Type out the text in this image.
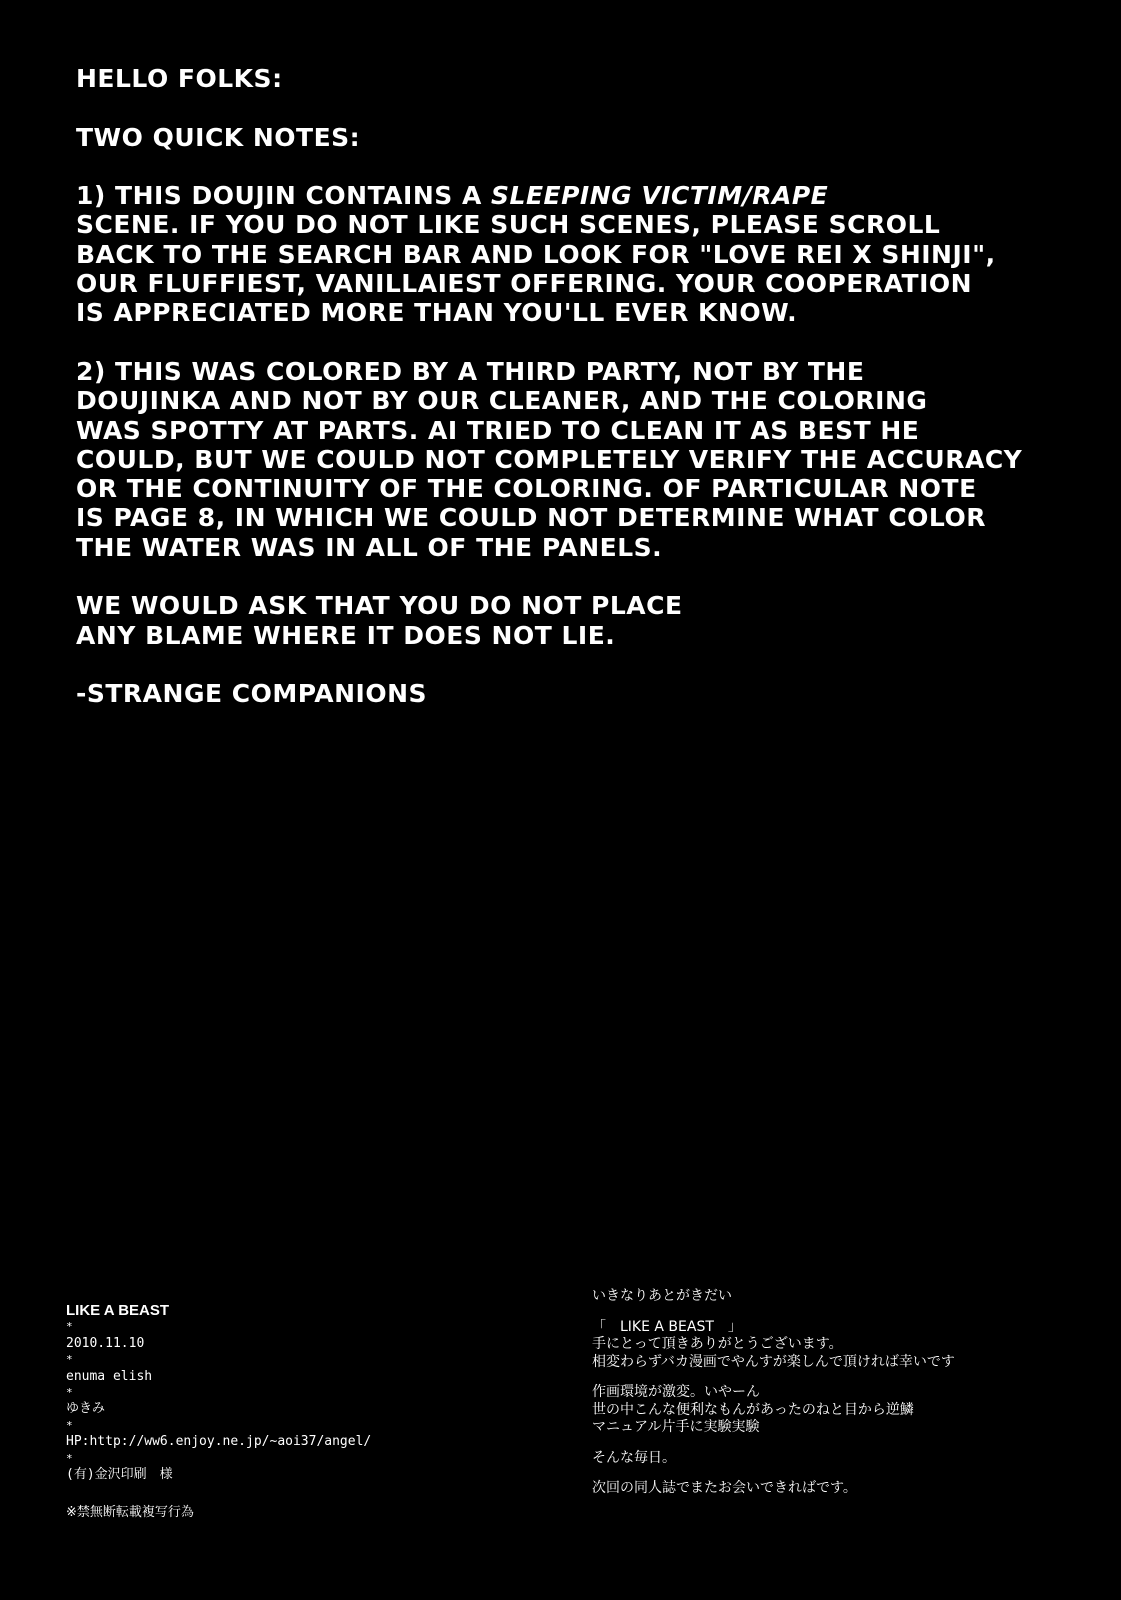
HELLO FOLKS:
TWO QUICK NOTES:
1) THIS DOUJIN CONTAINS A SLEEPING VICTIM/RAPE
SCENE. IF YOU DO NOT LIKE SUCH SCENES, PLEASE SCROLL
BACK TO THE SEARCH BAR AND LOOK FOR "LOVE REI X SHINJI",
OUR FLUFFIEST, VANILLAIEST OFFERING. YOUR COOPERATION
IS APPRECIATED MORE THAN YOU'LL EVER KNOW.
2) THIS WAS COLORED BY A THIRD PARTY, NOT BY THE
DOUJINKA AND NOT BY OUR CLEANER, AND THE COLORING
WAS SPOTTY AT PARTS. AI TRIED TO CLEAN IT AS BEST HE
COULD, BUT WE COULD NOT COMPLETELY VERIFY THE ACCURACY
OR THE CONTINUITY OF THE COLORING. OF PARTICULAR NOTE
IS PAGE 8, IN WHICH WE COULD NOT DETERMINE WHAT COLOR
THE WATER WAS IN ALL OF THE PANELS.
WE WOULD ASK THAT YOU DO NOT PLACE
ANY BLAME WHERE IT DOES NOT LIE.
-STRANGE COMPANIONS
LIKE A BEAST
*
2010.11.10
*
enuma elish
*
ゆきみ
*
HP:http://ww6.enjoy.ne.jp/~aoi37/angel/
*
(有)金沢印刷　様
※禁無断転載複写行為
いきなりあとがきだい
「　LIKE A BEAST　」
手にとって頂きありがとうございます。
相変わらずバカ漫画でやんすが楽しんで頂ければ幸いです
作画環境が激変。いやーん
世の中こんな便利なもんがあったのねと目から逆鱗
マニュアル片手に実験実験
そんな毎日。
次回の同人誌でまたお会いできればです。
